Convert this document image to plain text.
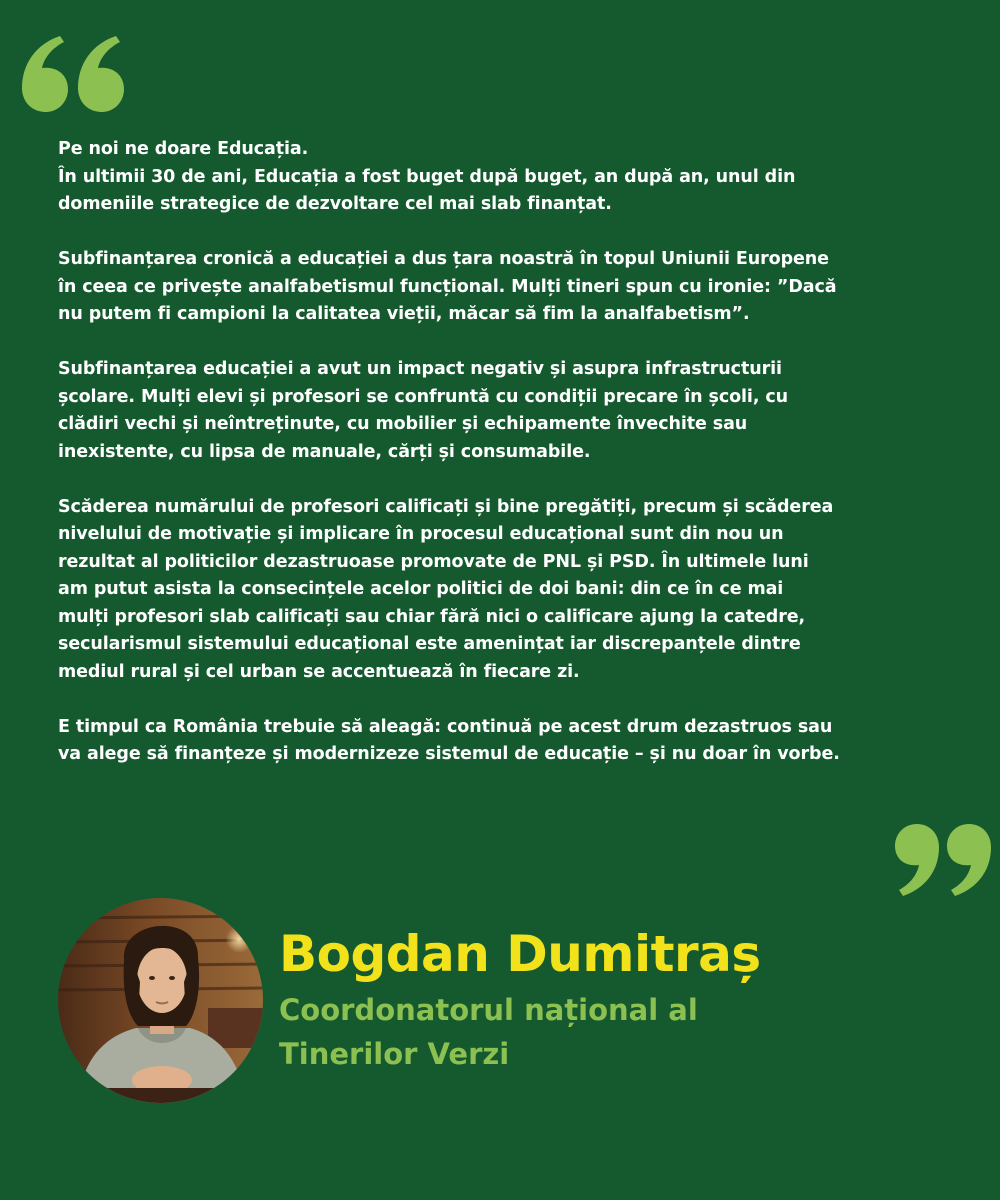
Pe noi ne doare Educația.
În ultimii 30 de ani, Educația a fost buget după buget, an după an, unul din
domeniile strategice de dezvoltare cel mai slab finanțat.

Subfinanțarea cronică a educației a dus țara noastră în topul Uniunii Europene
în ceea ce privește analfabetismul funcțional. Mulți tineri spun cu ironie: ”Dacă
nu putem fi campioni la calitatea vieții, măcar să fim la analfabetism”.

Subfinanțarea educației a avut un impact negativ și asupra infrastructurii
școlare. Mulți elevi și profesori se confruntă cu condiții precare în școli, cu
clădiri vechi și neîntreținute, cu mobilier și echipamente învechite sau
inexistente, cu lipsa de manuale, cărți și consumabile.

Scăderea numărului de profesori calificați și bine pregătiți, precum și scăderea
nivelului de motivație și implicare în procesul educațional sunt din nou un
rezultat al politicilor dezastruoase promovate de PNL și PSD. În ultimele luni
am putut asista la consecințele acelor politici de doi bani: din ce în ce mai
mulți profesori slab calificați sau chiar fără nici o calificare ajung la catedre,
secularismul sistemului educațional este amenințat iar discrepanțele dintre
mediul rural și cel urban se accentuează în fiecare zi.

E timpul ca România trebuie să aleagă: continuă pe acest drum dezastruos sau
va alege să finanțeze și modernizeze sistemul de educație – și nu doar în vorbe.

Bogdan Dumitraș
Coordonatorul național al
Tinerilor Verzi
